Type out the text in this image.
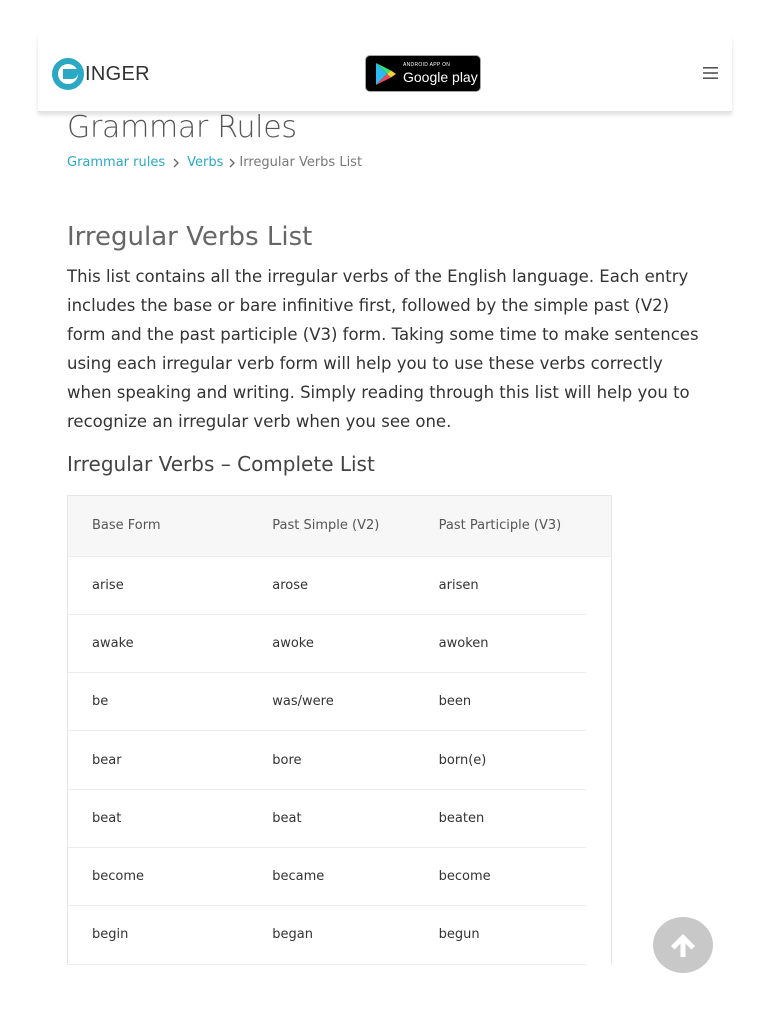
INGER	ANDROID APP ON
Google play
Grammar Rules
Grammar rules Verbs Irregular Verbs List
Irregular Verbs List

This list contains all the irregular verbs of the English language. Each entry includes the base or bare infinitive first, followed by the simple past (V2) form and the past participle (V3) form. Taking some time to make sentences using each irregular verb form will help you to use these verbs correctly when speaking and writing. Simply reading through this list will help you to recognize an irregular verb when you see one.

Irregular Verbs – Complete List
Base Form	Past Simple (V2)	Past Participle (V3)	
arise	arose	arisen	
awake	awoke	awoken	
be	was/were	been	
bear	bore	born(e)	
beat	beat	beaten	
become	became	become	
begin	began	begun	
